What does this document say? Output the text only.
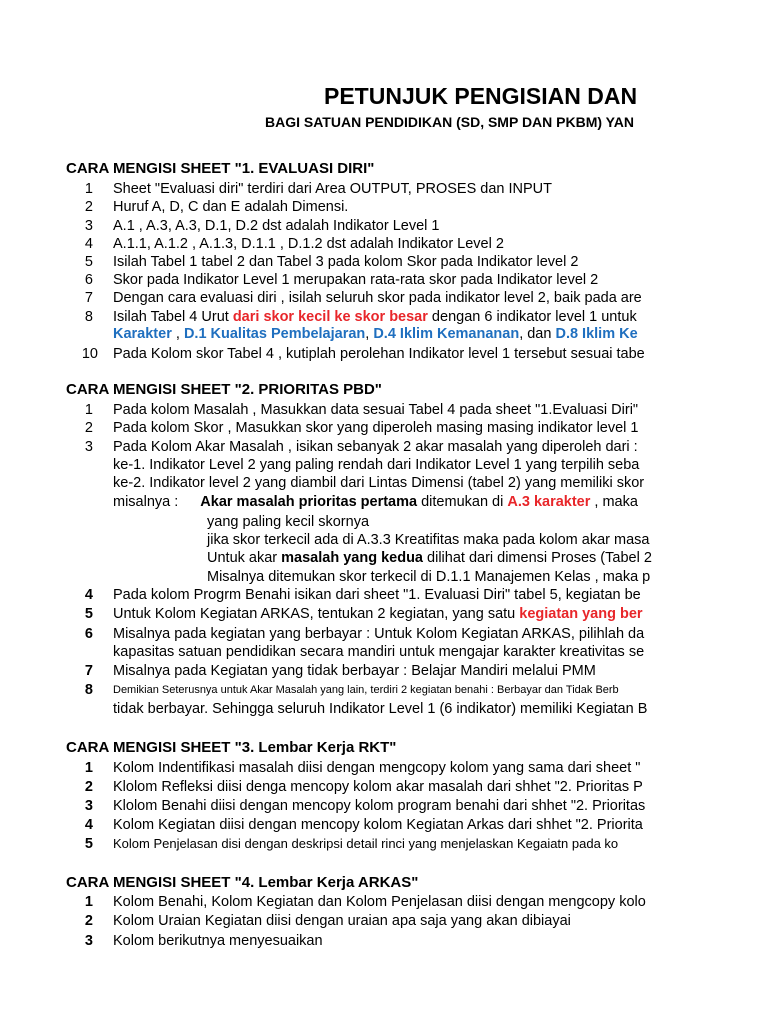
PETUNJUK PENGISIAN DAN
BAGI SATUAN PENDIDIKAN (SD, SMP DAN PKBM) YAN
CARA MENGISI SHEET "1. EVALUASI DIRI"
1 Sheet "Evaluasi diri" terdiri dari Area OUTPUT, PROSES dan INPUT
2 Huruf A, D, C dan E adalah Dimensi.
3 A.1 , A.3, A.3, D.1, D.2 dst adalah Indikator Level 1
4 A.1.1, A.1.2 , A.1.3, D.1.1 , D.1.2 dst adalah Indikator Level 2
5 Isilah Tabel 1 tabel 2 dan Tabel 3 pada kolom Skor pada Indikator level 2
6 Skor pada Indikator Level 1 merupakan rata-rata skor pada Indikator level 2
7 Dengan cara evaluasi diri , isilah seluruh skor pada indikator level 2, baik pada are
8 Isilah Tabel 4 Urut dari skor kecil ke skor besar dengan 6 indikator level 1 untuk
Karakter , D.1 Kualitas Pembelajaran, D.4 Iklim Kemananan, dan D.8 Iklim Ke
10 Pada Kolom skor Tabel 4 , kutiplah perolehan Indikator level 1 tersebut sesuai tabe
CARA MENGISI SHEET "2. PRIORITAS PBD"
1 Pada kolom Masalah , Masukkan data sesuai Tabel 4 pada sheet "1.Evaluasi Diri"
2 Pada kolom Skor , Masukkan skor yang diperoleh masing masing indikator level 1
3 Pada Kolom Akar Masalah , isikan sebanyak 2 akar masalah yang diperoleh dari :
ke-1. Indikator Level 2 yang paling rendah dari Indikator Level 1 yang terpilih seba
ke-2. Indikator level 2 yang diambil dari Lintas Dimensi (tabel 2) yang memiliki skor
misalnya : Akar masalah prioritas pertama ditemukan di A.3 karakter , maka
yang paling kecil skornya
jika skor terkecil ada di A.3.3 Kreatifitas maka pada kolom akar masa
Untuk akar masalah yang kedua dilihat dari dimensi Proses (Tabel 2
Misalnya ditemukan skor terkecil di D.1.1 Manajemen Kelas , maka p
4 Pada kolom Progrm Benahi isikan dari sheet "1. Evaluasi Diri" tabel 5, kegiatan be
5 Untuk Kolom Kegiatan ARKAS, tentukan 2 kegiatan, yang satu kegiatan yang ber
6 Misalnya pada kegiatan yang berbayar : Untuk Kolom Kegiatan ARKAS, pilihlah da
kapasitas satuan pendidikan secara mandiri untuk mengajar karakter kreativitas se
7 Misalnya pada Kegiatan yang tidak berbayar : Belajar Mandiri melalui PMM
8 Demikian Seterusnya untuk Akar Masalah yang lain, terdiri 2 kegiatan benahi : Berbayar dan Tidak Berb
tidak berbayar. Sehingga seluruh Indikator Level 1 (6 indikator) memiliki Kegiatan B
CARA MENGISI SHEET "3. Lembar Kerja RKT"
1 Kolom Indentifikasi masalah diisi dengan mengcopy kolom yang sama dari sheet "
2 Klolom Refleksi diisi denga mencopy kolom akar masalah dari shhet "2. Prioritas P
3 Klolom Benahi diisi dengan mencopy kolom program benahi dari shhet "2. Prioritas
4 Kolom Kegiatan diisi dengan mencopy kolom Kegiatan Arkas dari shhet "2. Priorita
5 Kolom Penjelasan disi dengan deskripsi detail rinci yang menjelaskan Kegaiatn pada ko
CARA MENGISI SHEET "4. Lembar Kerja ARKAS"
1 Kolom Benahi, Kolom Kegiatan dan Kolom Penjelasan diisi dengan mengcopy kolo
2 Kolom Uraian Kegiatan diisi dengan uraian apa saja yang akan dibiayai
3 Kolom berikutnya menyesuaikan
